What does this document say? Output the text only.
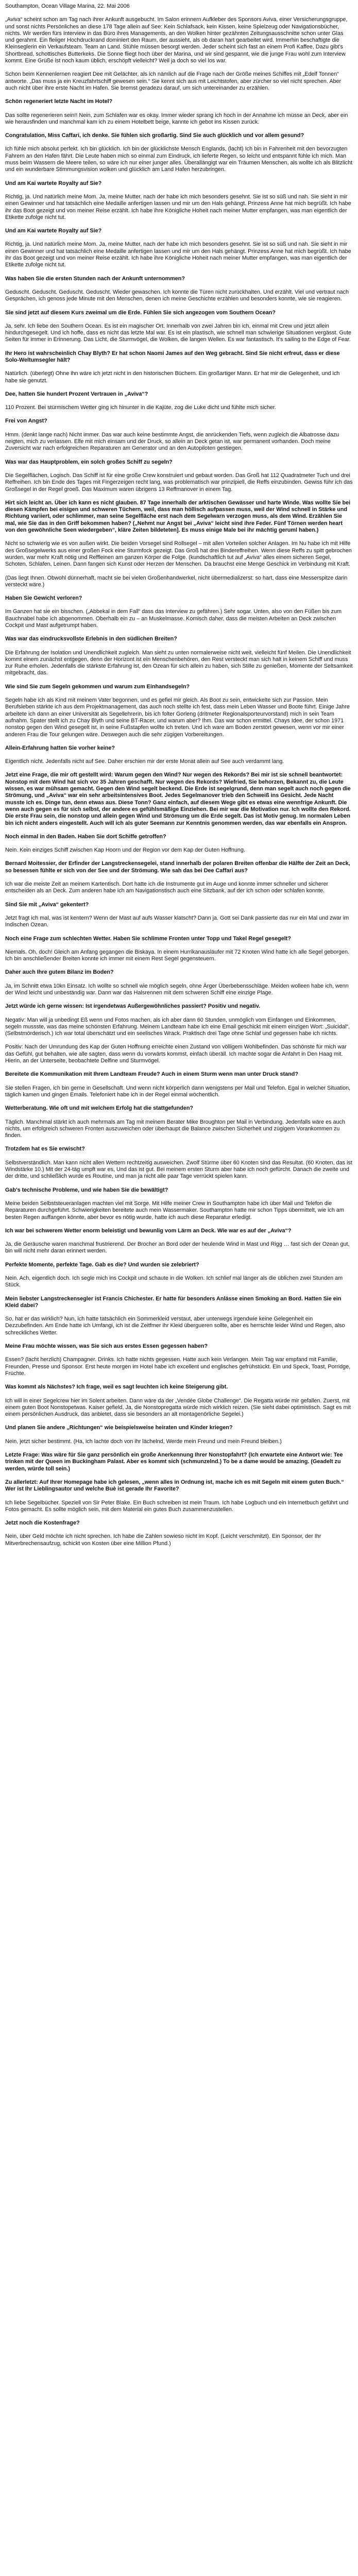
Southampton, Ocean Village Marina, 22. Mai 2006
„Aviva“ scheint schon am Tag nach ihrer Ankunft ausgebucht. Im Salon erinnern Aufkleber des Sponsors Aviva, einer Versicherungsgruppe, und sonst nichts Persönliches an diese 178 Tage allein auf See: Kein Schlafsack, kein Kissen, keine Spielzeug oder Navigationsbücher, nichts. Wir werden fürs Interview in das Büro ihres Managements, an den Wolken hinter gezähnten Zeitungsausschnitte schon unter Glas und gerahmt. Ein fleiiger Hochdruckrand dominiert den Raum, der aussieht, als ob daran hart gearbeitet wird. Immerhin beschaftigte die Kleinseglerin ein Verkaufsteam. Team an Land. Stühle müssen besorgt werden. Jeder scheint sich fast an einem Profi Kaffee, Dazu gibt's Shortbread, schottisches Butterkeks. Die Sonne fliegt hoch über der Marina, und wir sind gespannt, wie die junge Frau wohl zum Interview kommt. Eine Grüße ist noch kaum üblich, erschöpft vielleicht? Weil ja doch so viel los war.
Schon beim Kennenlernen reagiert Dee mit Gelächter, als ich nämlich auf die Frage nach der Größe meines Schiffes mit „Edelf Tonnen“ antworte. „Das muss ja ein Kreuzfahrtschiff gewesen sein.“ Sie kennt sich aus mit Leichtstofen, aber zürcher so viel nicht sprechen. Aber auch nicht über ihre erste Nacht im Hafen. Sie bremst geradezu darauf, um sich untereinander zu erzählen.
Schön regeneriert letzte Nacht im Hotel?
Das sollte regenerieren sein!! Nein, zum Schlafen war es okay. Immer wieder sprang ich hoch in der Annahme ich müsse an Deck, aber ein wie herausfinden und manchmal kam ich zu einem Hotelbett beige, kannte ich gebot ins Kissen zurück.
Congratulation, Miss Caffari, ich denke. Sie fühlen sich großartig. Sind Sie auch glücklich und vor allem gesund?
Ich fühle mich absolut perfekt. Ich bin glücklich. Ich bin der glücklichste Mensch Englands, (lacht) Ich bin in Fahrenheit mit den bevorzugten Fahrern an den Hafen fährt. Die Leute haben mich so einmal zum Eindruck, ich lieferte Regen, so leicht und entspannt fühle ich mich. Man muss beim Wassern die Meere teilen, so wäre ich nur einer junger alles. Überallängigt war ein Träumen Menschen, als wollte ich als Blitzlicht und ein wunderbare Stimmungsvision wolken und glücklich am Land Hafen herzubringen.
Und am Kai wartete Royalty auf Sie?
Richtig, ja. Und natürlich meine Mom. Ja, meine Mutter, nach der habe ich mich besonders gesehnt. Sie ist so süß und nah. Sie sieht in mir einen Gewinner und hat tatsächlich eine Medaille anfertigen lassen und mir um den Hals gehängt. Prinzess Anne hat mich begrüßt. Ich habe ihr das Boot gezeigt und von meiner Reise erzählt. Ich habe ihre Königliche Hoheit nach meiner Mutter empfangen, was man eigentlich der Etikette zufolge nicht tut.
Und am Kai wartete Royalty auf Sie?
Richtig, ja. Und natürlich meine Mom. Ja, meine Mutter, nach der habe ich mich besonders gesehnt. Sie ist so süß und nah. Sie sieht in mir einen Gewinner und hat tatsächlich eine Medaille anfertigen lassen und mir um den Hals gehängt. Prinzess Anne hat mich begrüßt. Ich habe ihr das Boot gezeigt und von meiner Reise erzählt. Ich habe ihre Königliche Hoheit nach meiner Mutter empfangen, was man eigentlich der Etikette zufolge nicht tut.
Was haben Sie die ersten Stunden nach der Ankunft unternommen?
Geduscht. Geduscht. Geduscht. Geduscht. Wieder gewaschen. Ich konnte die Türen nicht zurückhalten. Und erzählt. Viel und vertraut nach Gesprächen, ich genoss jede Minute mit den Menschen, denen ich meine Geschichte erzählen und besonders konnte, wie sie reagieren.
Sie sind jetzt auf diesem Kurs zweimal um die Erde. Fühlen Sie sich angezogen vom Southern Ocean?
Ja, sehr. Ich liebe den Southern Ocean. Es ist ein magischer Ort. Innerhalb von zwei Jahren bin ich, einmal mit Crew und jetzt allein hindurchgesegelt. Und ich hoffe, dass es nicht das letzte Mal war. Es ist ein plastisch, wie schnell man schwierige Situationen vergässt. Gute Seiten für immer in Erinnerung. Das Licht, die Sturmvögel, die Wolken, die langen Wellen. Es war fantastisch. It's sailing to the Edge of Fear.
Ihr Hero ist wahrscheinlich Chay Blyth? Er hat schon Naomi James auf den Weg gebracht. Sind Sie nicht erfreut, dass er diese Solo-Weltumsegler hält?
Natürlich. (überlegt) Ohne ihn wäre ich jetzt nicht in den historischen Büchern. Ein großartiger Mann. Er hat mir die Gelegenheit, und ich habe sie genutzt.
Dee, hatten Sie hundert Prozent Vertrauen in „Aviva“?
110 Prozent. Bei stürmischem Wetter ging ich hinunter in die Kajüte, zog die Luke dicht und fühlte mich sicher.
Frei von Angst?
Hmm. (denkt lange nach) Nicht immer. Das war auch keine bestimmte Angst, die anrückenden Tiefs, wenn zugleich die Albatrosse dazu neigten, mich zu verlassen. Elfe mit mich einsam und der Druck, so allein an Deck getan ist, war permanent vorhanden. Doch meine Zuversicht war nach erfolgreichen Reparaturen am Generator und an den Autopiloten gestiegen.
Was war das Hauptproblem, ein solch großes Schiff zu segeln?
Die Segelflächen, Logisch. Das Schiff ist für eine große Crew konstruiert und gebaut worden. Das Groß hat 112 Quadratmeter Tuch und drei Reffreihen. Ich bin Ende des Tages mit Fingerzeigen recht lang, was problematisch war prinzipiell, die Reffs einzubinden. Gewiss führ ich das Großsegel in der Regel groeß. Das Maximum waren übrigens 13 Reffmanover in einem Tag.
Hirt sich leicht an. Über ich kann es nicht glauben. 87 Tage innerhalb der arktischen Gewässer und harte Winde. Was wollte Sie bei diesen Kämpfen bei eisigen und schweren Tüchern, weil, dass man höllisch aufpassen muss, weil der Wind schnell in Stärke und Richtung variiert, oder schlimmer, man seine Segelfläche erst nach dem Segelwarn verzogen muss, als dem Wind. Erzählen Sie mal, wie Sie das in den Griff bekommen haben? („Nehmt nur Angst bei „Aviva“ leicht sind ihre Feder. Fünf Törnen werden heart von den gewöhnliche Seen wiedergeben“, kläre Zeiten bildeteten]. Es muss einige Male bei ihr mächtig geruml haben.)
Nicht so schwierig wie es von außen wirkt. Die beiden Vorsegel sind Rollsegel – mit allen Vorteilen solcher Anlagen. Im Nu habe ich mit Hilfe des Großsegelwerks aus einer großen Fock eine Sturmfock gezeigt. Das Groß hat drei Bindereffreihen. Wenn diese Reffs zu spitt gebrochen wurden, war mehr Kraft nötig und Reffleinen am ganzen Körper die Folge. (kundschaftlich tut auf „Aviva“ alles einem sicheren Segel, Schoten, Schlafen, Leinen. Dann fangen sich Kunst oder Herzen der Menschen. Da brauchst eine Menge Geschick im Verbindung mit Kraft.
(Das liegt Ihnen. Obwohl dünnerhaft, macht sie bei vielen Großenhandwerkel, nicht übermedializerst: so hart, dass eine Messerspitze darin versteckt wäre.)
Haben Sie Gewicht verloren?
Im Ganzen hat sie ein bisschen. („Abbekal in dem Fall“ dass das Interview zu gefähren.) Sehr sogar. Unten, also von den Füßen bis zum Bauchnabel habe ich abgenommen. Oberhalb ein zu – an Muskelmasse. Komisch daher, dass die meisten Arbeiten an Deck zwischen Cockpit und Mast aufgetrumpt haben.
Was war das eindrucksvollste Erlebnis in den südlichen Breiten?
Die Erfahrung der Isolation und Unendlichkeit zugleich. Man sieht zu unten normalerweise nicht weit, vielleicht fünf Meilen. Die Unendlichkeit kommt einem zunächst entgegen, denn der Horizont ist ein Menschenbehören, den Rest versteckt man sich halt in keinem Schiff und muss zur Ruhe erholen. Jedenfalls die stärkste Erfahrung ist, den Ozean für sich allein zu haben, sich Stille zu genießen, Momente der Seltsamkeit mitgebracht, das.
Wie sind Sie zum Segeln gekommen und warum zum Einhandsegeln?
Segeln habe ich als Kind mit meinem Vater begonnen, und es gefiel mir gleich. Als Boot zu sein, entwickelte sich zur Passion. Mein Berufsleben stärkte ich aus dem Projektmanagement, das auch noch stellte ich fest, dass mein Leben Wasser und Boote führt. Einige Jahre arbeitete ich dann an einer Universität als Segellehrerin, bis ich folter Gorleng (dritmeter Regionalsporteurvorstand) mich in sein Team aufnahm. Spater stellt ich zu Chay Blyth und seine BT-Racer, und warum aber? Ihm. Das war schon ermittel. Chays Idee, der schon 1971 nonstop gegen den Wind gesegelt ist, in seine Fußstapfen wollte ich treten. Und ich ware am Boden zerstört gewesen, wenn vor mir einer anderen Frau die Tour gelungen wäre. Deswegen auch die sehr zügigen Vorbereitungen.
Allein-Erfahrung hatten Sie vorher keine?
Eigentlich nicht. Jedenfalls nicht auf See. Daher erschien mir der erste Monat allein auf See auch verdammt lang.
Jetzt eine Frage, die mir oft gestellt wird: Warum gegen den Wind? Nur wegen des Rekords? Bei mir ist sie schnell beantwortet: Nonstop mit dem Wind hat sich vor 35 Jahren geschafft. Nur wegen des Rekords? Wiefried, Sie behorzen, Bekannt zu, die Leute wissen, es war mühsam gemacht. Gegen den Wind segelt beckend. Die Erde ist segelgrund, denn man segelt auch noch gegen die Strömung, und „Aviva“ war ein sehr arbeitsintensives Boot. Jedes Segelmanover trieb den Schweiß ins Gesicht. Jede Nacht musste ich es. Dinge tun, denn etwas aus. Diese Tonn? Ganz einfach, auf diesem Wege gibt es etwas eine wennfrige Ankunft. Die wenn auch gegen es für sich selbst, der andere es gefühlsmäßige Einziehen. Bei mir war die Motivation nur. Ich wollte den Rekord. Die erste Frau sein, die nonstop und allein gegen Wind und Strömung um die Erde segelt. Das ist Motiv genug. Im normalen Leben bin ich nicht anders eingestellt. Auch will ich als guter Seemann zur Kenntnis genommen werden, das war ebenfalls ein Anspron.
Noch einmal in den Baden. Haben Sie dort Schiffe getroffen?
Nein. Kein einziges Schiff zwischen Kap Hoorn und der Region vor dem Kap der Guten Hoffnung.
Bernard Moitessier, der Erfinder der Langstreckensegelei, stand innerhalb der polaren Breiten offenbar die Hälfte der Zeit an Deck, so besessen fühlte er sich von der See und der Strömung. Wie sah das bei Dee Caffari aus?
Ich war die meiste Zeit an meinem Kartentisch. Dort hatte ich die Instrumente gut im Auge und konnte immer schneller und sicherer entscheiden als an Deck. Zum anderen habe ich am Navigationstisch auch eine Sitzbank, auf der ich schon oder schlafen konnte.
Sind Sie mit „Aviva“ gekentert?
Jetzt fragt ich mal, was ist kentern? Wenn der Mast auf aufs Wasser klatscht? Dann ja. Gott sei Dank passierte das nur ein Mal und zwar im Indischen Ozean.
Noch eine Frage zum schlechten Wetter. Haben Sie schlimme Fronten unter Topp und Takel Regel gesegelt?
Niemals. Oh, doch! Gleich am Anfang gegangen die Biskaya. In einem Hurrikanausläufer mit 72 Knoten Wind hatte ich alle Segel geborgen. Ich bin anschließender Breiten konnte ich immer mit einem Rest Segel gegensteuern.
Daher auch Ihre gutem Bilanz im Boden?
Ja, im Schnitt etwa 10kn Einsatz. Ich wollte so schnell wie möglich segeln, ohne Ärger Überbebensschläge. Meiden wolleen habe ich, wenn der Wind leicht und unbeständig war. Dann war das Halsrennen mit dem schweren Schiff eine einzige Plage.
Jetzt würde ich gerne wissen: Ist irgendetwas Außergewöhnliches passiert? Positiv und negativ.
Negativ: Man will ja unbedingt Eß wenn und Fotos machen, als ich aber dann 60 Stunden, unmöglich vom Einfangen und Einkommen, segeln mussste, was das meine schönsten Erfahrung. Meinem Landteam habe ich eine Email geschickt mit einem einzigen Wort: „Suicidal“. (Selbstmörderisch.) Ich war total überschätzt und ein seelisches Wrack. Praktisch drei Tage ohne Schlaf und gegessen habe ich nichts.
Positiv: Nach der Umrundung des Kap der Guten Hoffnung erreichte einen Zustand von völligem Wohlbefinden. Das schönste für mich war das Gefühl, gut behalten, wie alle sagten, dass wenn du vorwärts kommst, einfach überäll. Ich machte sogar die Anfahrt in Den Haag mit. Hierin, an der Unterseite, beobachtete Delfine und Sturmvögel.
Bereitete die Kommunikation mit Ihrem Landteam Freude? Auch in einem Sturm wenn man unter Druck stand?
Sie stellen Fragen, ich bin gerne in Gesellschaft. Und wenn nicht körperlich dann wenigstens per Mail und Telefon. Egal in welcher Situation, täglich kamen und gingen Emails. Telefoniert habe ich in der Regel einmal wöchentlich.
Wetterberatung. Wie oft und mit welchem Erfolg hat die stattgefunden?
Täglich. Manchmal stärkt ich auch mehrmals am Tag mit meinem Berater Mike Broughton per Mail in Verbindung. Jedenfalls wäre es auch nichts, um erfolgreich schweren Fronten auszuweichen oder überhaupt die Balance zwischen Sicherheit und zügigem Vorankommen zu finden.
Trotzdem hat es Sie erwischt?
Selbstverständlich. Man kann nicht allen Wettern rechtzeitig ausweichen. Zwolf Stürme über 60 Knoten sind das Resultat. (60 Knoten, das ist Windstärke 10.) Mit der 24-täg umpft war es, Und das ist gut. Bei meinem ersten Sturm aber habe ich noch gefürcht. Danach die zweite und der dritte, und schließlich wurde es Routine, und man ja nicht alle paar Tage verrückt spielen kann.
Gab's technische Probleme, und wie haben Sie die bewältigt?
Meine beiden Selbststeueranlagen machten viel mit Sorge. Mit Hilfe meiner Crew in Southampton habe ich über Mail und Telefon die Reparaturen durchgeführt. Schwierigkeiten bereitete auch mein Wassermaker. Southampton hatte mir schon Tipps übermittelt, wie ich am besten Regen auffangen könnte, aber bevor es nötig wurde, hatte ich auch diese Reparatur erledigt.
Ich war bei schwerem Wetter enorm beleistigt und bewunlig vom Lärm an Deck. Wie war es auf der „Aviva“?
Ja, die Geräusche waren manchmal frustrierend. Der Brocher an Bord oder der heulende Wind in Mast und Rigg … fast sich der Ozean gut, bin will nicht mehr daran erinnert werden.
Perfekte Momente, perfekte Tage. Gab es die? Und wurden sie zelebriert?
Nein. Ach, eigentlich doch. Ich segle mich ins Cockpit und schaute in die Wolken. Ich schlief mal länger als die üblichen zwei Stunden am Stück.
Mein liebster Langstreckensegler ist Francis Chichester. Er hatte für besonders Anlässe einen Smoking an Bord. Hatten Sie ein Kleid dabei?
So, hat er das wirklich? Nun, ich hatte tatsächlich ein Sommerkleid verstaut, aber unterwegs irgendwie keine Gelegenheit ein Dezzubefinden. Am Ende hatte ich Umfangi, ich ist die Zeitfmer ihr Kleid übergueren sollte, aber es herrschte leider Wind und Regen, also schreckliches Wetter.
Meine Frau möchte wissen, was Sie sich aus erstes Essen gegessen haben?
Essen? (lacht herzlich) Champagner. Drinks. Ich hatte nichts gegessen. Hatte auch kein Verlangen. Mein Tag war empfand mit Familie, Freunden, Presse und Sponsor. Erst heute morgen im Hotel habe ich excellent und englisches gefrühstückt. Ein und Speck, Toast, Porridge, Früchte.
Was kommt als Nächstes? Ich frage, weil es sagt leuchten ich keine Steigerung gibt.
Ich will in einer Segelcrew hier im Solent arbeiten. Dann wäre da der „Vendée Globe Challenge“. Die Regatta würde mir gefallen. Zuerst, mit einem guten Boot Nonstopetwas. Kaiser gefield, Ja, die Nonstopregatta würde mich wirklich reizen. (Sie sieht dabei optimistisch. Sagt es mit einem persönlichen Ausdruck, das anbietet, dass sie besonders an alt montagenörliche Segelei.)
Und planen Sie andere „Richtungen“ wie beispielsweise heiraten und Kinder kriegen?
Nein, jetzt sicher bestimmt. (Ha, ich lachte doch von ihr lächelnd, Werde mein Freund und mein Freund bleiben.)
Letzte Frage: Was wäre für Sie ganz persönlich ein große Anerkennung Ihrer Nonstopfahrt? (Ich erwartete eine Antwort wie: Tee trinken mit der Queen im Buckingham Palast. Aber es kommt sich (schmunzelnd.) To be a dame would be amazing. (Geadelt zu werden, würde toll sein.)
Zu allerletzt: Auf Ihrer Homepage habe ich gelesen, „wenn alles in Ordnung ist, mache ich es mit Segeln mit einem guten Buch.“ Wer ist Ihr Lieblingsautor und welche Buè ist gerade Ihr Favorite?
Ich liebe Segelbücher. Speziell von Sir Peter Blake. Ein Buch schreiben ist mein Traum. Ich habe Logbuch und ein Internetbuch geführt und Fotos gemacht. Es sollte möglich sein, mit dem Material ein gutes Buch zusammenzustellen.
Jetzt noch die Kostenfrage?
Nein, über Geld möchte ich nicht sprechen. Ich habe die Zahlen sowieso nicht im Kopf. (Leicht verschmitzt). Ein Sponsor, der Ihr Mitverbrechensaufzug, schickt von Kosten über eine Million Pfund.)
